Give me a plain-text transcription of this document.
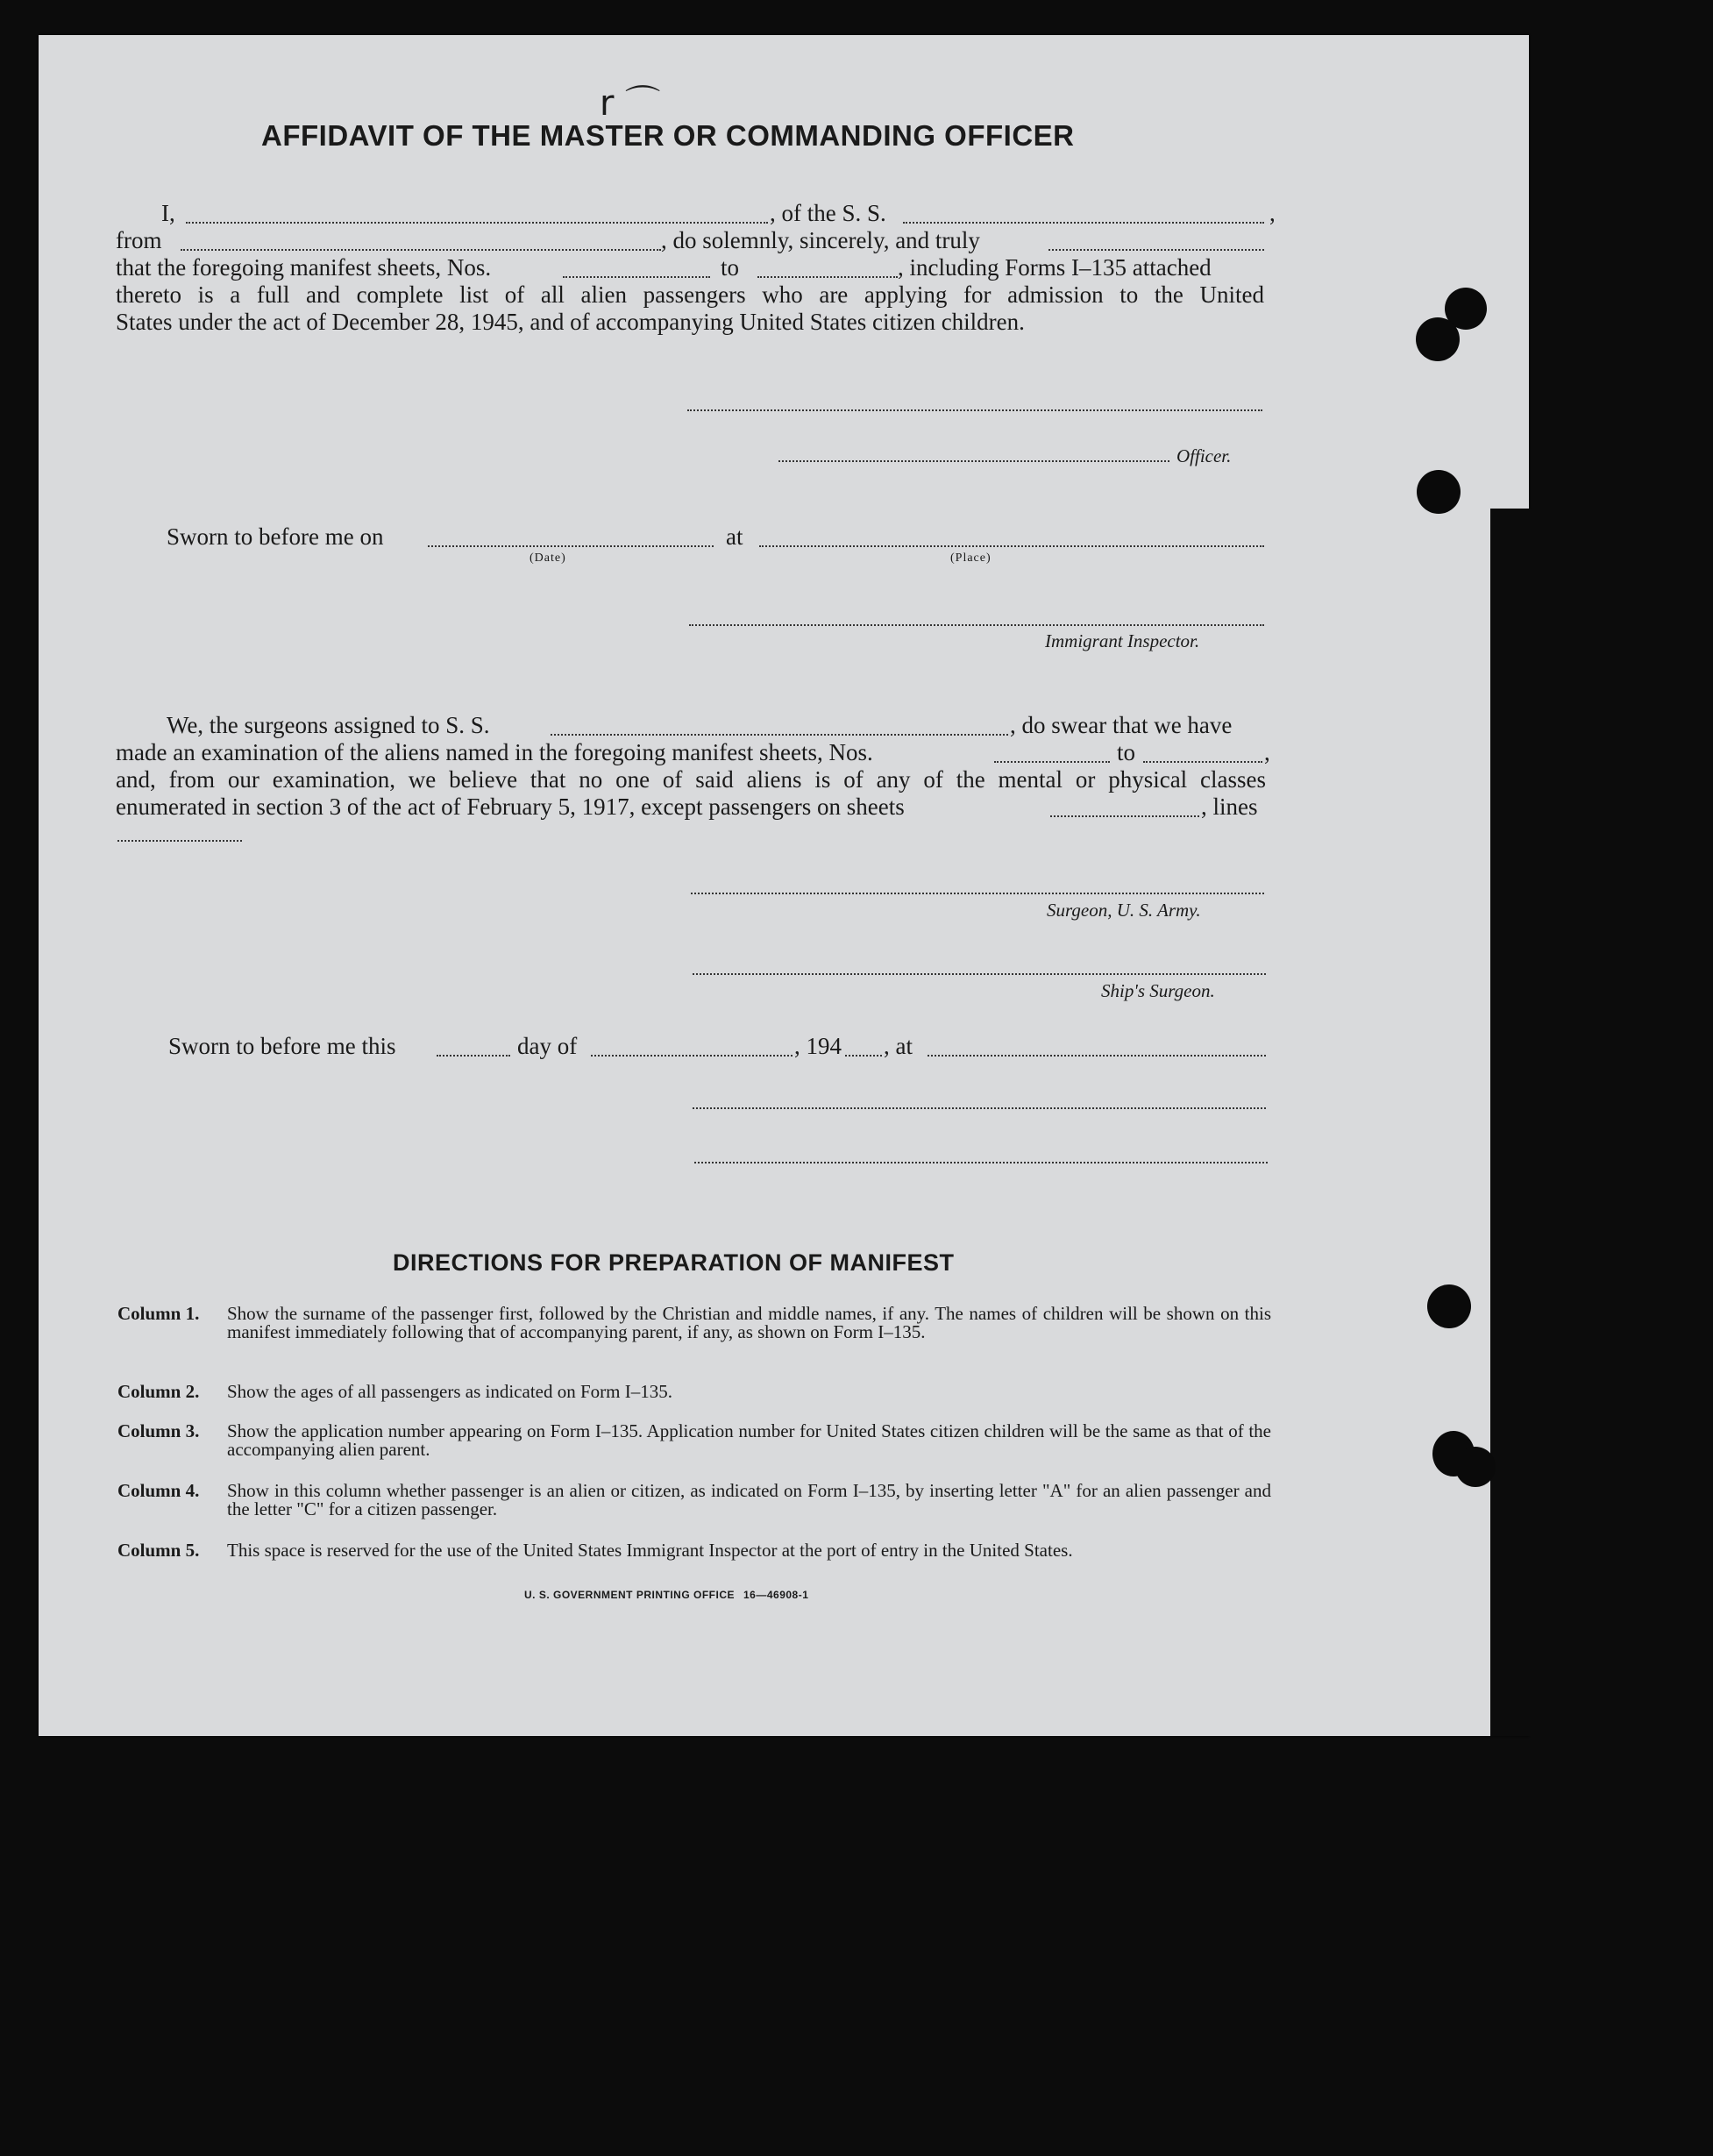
r ⌒
AFFIDAVIT OF THE MASTER OR COMMANDING OFFICER
I,	, of the S. S.	,
from	, do solemnly, sincerely, and truly
that the foregoing manifest sheets, Nos.	to	, including Forms I–135 attached
thereto is a full and complete list of all alien passengers who are applying for admission to the United
States under the act of December 28, 1945, and of accompanying United States citizen children.
Officer.
Sworn to before me on
(Date)
at
(Place)
Immigrant Inspector.
We, the surgeons assigned to S. S.	, do swear that we have
made an examination of the aliens named in the foregoing manifest sheets, Nos.	to	,
and, from our examination, we believe that no one of said aliens is of any of the mental or physical classes
enumerated in section 3 of the act of February 5, 1917, except passengers on sheets	, lines
Surgeon, U. S. Army.
Ship's Surgeon.
Sworn to before me this	day of	, 194 , at
DIRECTIONS FOR PREPARATION OF MANIFEST
Column 1.	Show the surname of the passenger first, followed by the Christian and middle names, if any. The names of children will be shown on this manifest immediately following that of accompanying parent, if any, as shown on Form I–135.
Column 2.	Show the ages of all passengers as indicated on Form I–135.
Column 3.	Show the application number appearing on Form I–135. Application number for United States citizen children will be the same as that of the accompanying alien parent.
Column 4.	Show in this column whether passenger is an alien or citizen, as indicated on Form I–135, by inserting letter "A" for an alien passenger and the letter "C" for a citizen passenger.
Column 5.	This space is reserved for the use of the United States Immigrant Inspector at the port of entry in the United States.
U. S. GOVERNMENT PRINTING OFFICE 16—46908-1
